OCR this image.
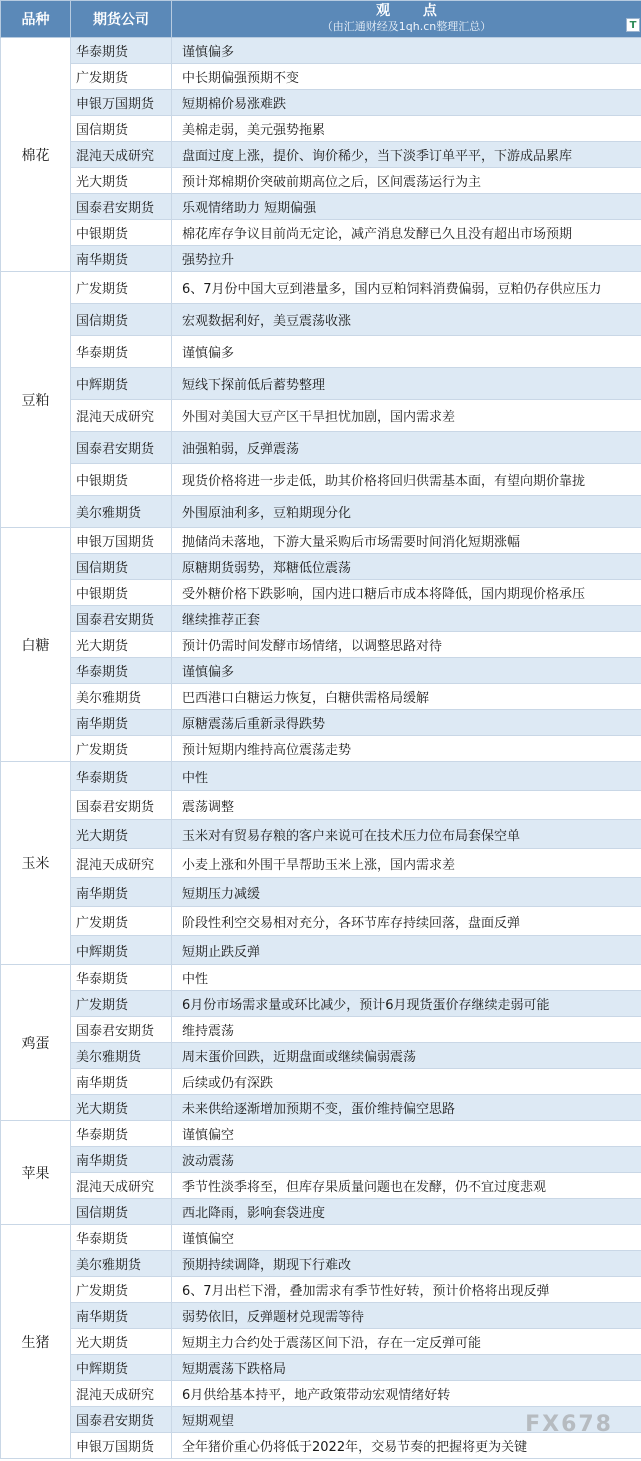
品种	期货公司	观 点
（由汇通财经及1qh.cn整理汇总） T

棉花	华泰期货	谨慎偏多
	广发期货	中长期偏强预期不变
	申银万国期货	短期棉价易涨难跌
	国信期货	美棉走弱，美元强势拖累
	混沌天成研究	盘面过度上涨，提价、询价稀少，当下淡季订单平平，下游成品累库
	光大期货	预计郑棉期价突破前期高位之后，区间震荡运行为主
	国泰君安期货	乐观情绪助力 短期偏强
	中银期货	棉花库存争议目前尚无定论，减产消息发酵已久且没有超出市场预期
	南华期货	强势拉升
豆粕	广发期货	6、7月份中国大豆到港量多，国内豆粕饲料消费偏弱，豆粕仍存供应压力
	国信期货	宏观数据利好，美豆震荡收涨
	华泰期货	谨慎偏多
	中辉期货	短线下探前低后蓄势整理
	混沌天成研究	外围对美国大豆产区干旱担忧加剧，国内需求差
	国泰君安期货	油强粕弱，反弹震荡
	中银期货	现货价格将进一步走低，助其价格将回归供需基本面，有望向期价靠拢
	美尔雅期货	外围原油利多，豆粕期现分化
白糖	申银万国期货	抛储尚未落地，下游大量采购后市场需要时间消化短期涨幅
	国信期货	原糖期货弱势，郑糖低位震荡
	中银期货	受外糖价格下跌影响，国内进口糖后市成本将降低，国内期现价格承压
	国泰君安期货	继续推荐正套
	光大期货	预计仍需时间发酵市场情绪，以调整思路对待
	华泰期货	谨慎偏多
	美尔雅期货	巴西港口白糖运力恢复，白糖供需格局缓解
	南华期货	原糖震荡后重新录得跌势
	广发期货	预计短期内维持高位震荡走势
玉米	华泰期货	中性
	国泰君安期货	震荡调整
	光大期货	玉米对有贸易存粮的客户来说可在技术压力位布局套保空单
	混沌天成研究	小麦上涨和外围干旱帮助玉米上涨，国内需求差
	南华期货	短期压力减缓
	广发期货	阶段性利空交易相对充分，各环节库存持续回落，盘面反弹
	中辉期货	短期止跌反弹
鸡蛋	华泰期货	中性
	广发期货	6月份市场需求量或环比减少，预计6月现货蛋价存继续走弱可能
	国泰君安期货	维持震荡
	美尔雅期货	周末蛋价回跌，近期盘面或继续偏弱震荡
	南华期货	后续或仍有深跌
	光大期货	未来供给逐渐增加预期不变，蛋价维持偏空思路
苹果	华泰期货	谨慎偏空
	南华期货	波动震荡
	混沌天成研究	季节性淡季将至，但库存果质量问题也在发酵，仍不宜过度悲观
	国信期货	西北降雨，影响套袋进度
生猪	华泰期货	谨慎偏空
	美尔雅期货	预期持续调降，期现下行难改
	广发期货	6、7月出栏下滑，叠加需求有季节性好转，预计价格将出现反弹
	南华期货	弱势依旧，反弹题材兑现需等待
	光大期货	短期主力合约处于震荡区间下沿，存在一定反弹可能
	中辉期货	短期震荡下跌格局
	混沌天成研究	6月供给基本持平，地产政策带动宏观情绪好转
	国泰君安期货	短期观望
	申银万国期货	全年猪价重心仍将低于2022年，交易节奏的把握将更为关键
FX678
